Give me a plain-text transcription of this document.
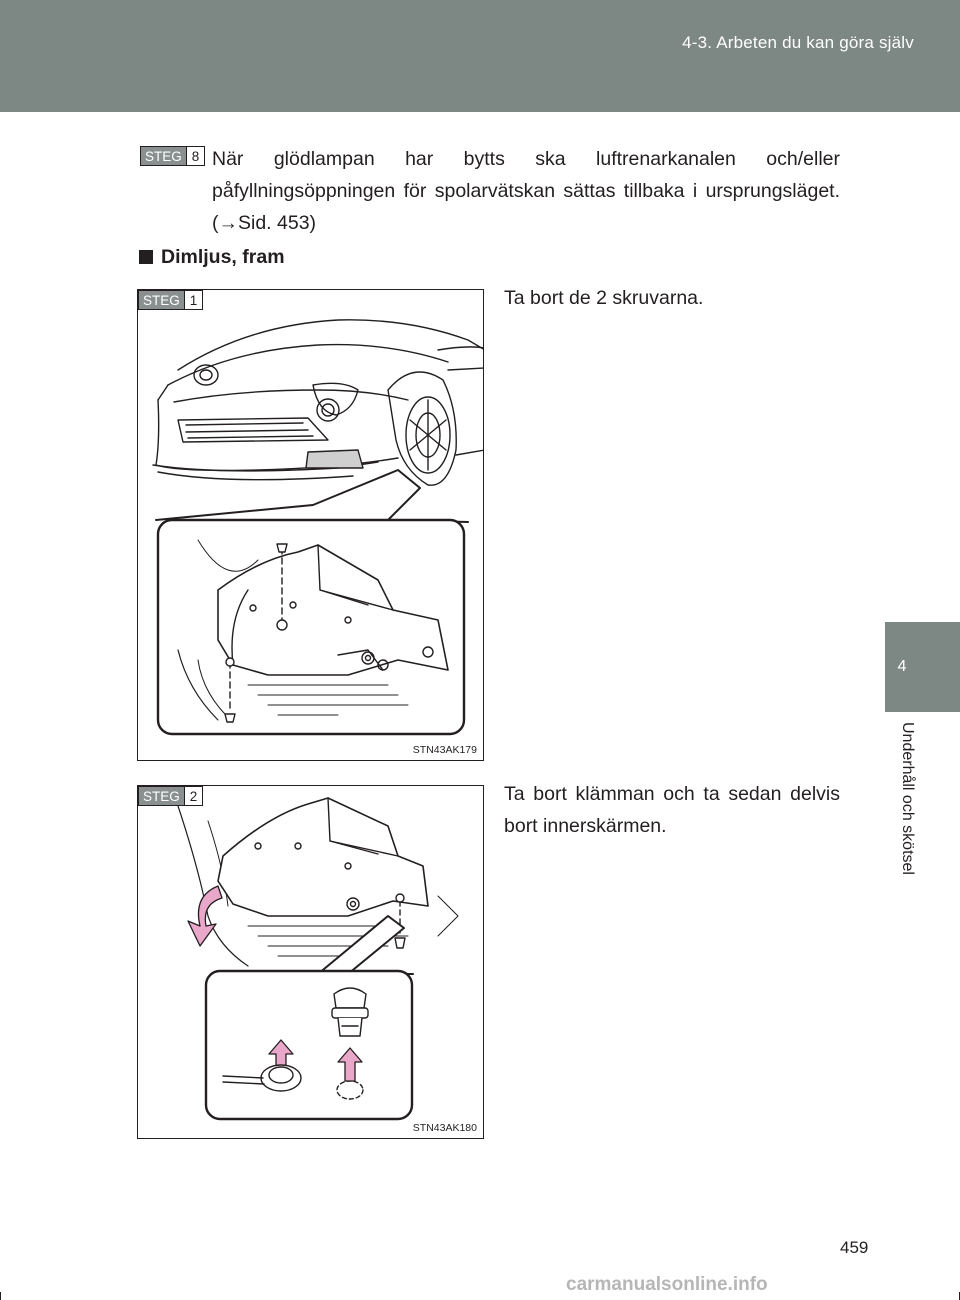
4-3. Arbeten du kan göra själv
4
Underhåll och skötsel
STEG 8 När glödlampan har bytts ska luftrenarkanalen och/eller påfyllningsöppningen för spolarvätskan sättas tillbaka i ursprungsläget. (→Sid. 453)

Dimljus, fram
STEG 1
STN43AK179
Ta bort de 2 skruvarna.
STEG 2
STN43AK180
Ta bort klämman och ta sedan delvis bort innerskärmen.
459
carmanualsonline.info
